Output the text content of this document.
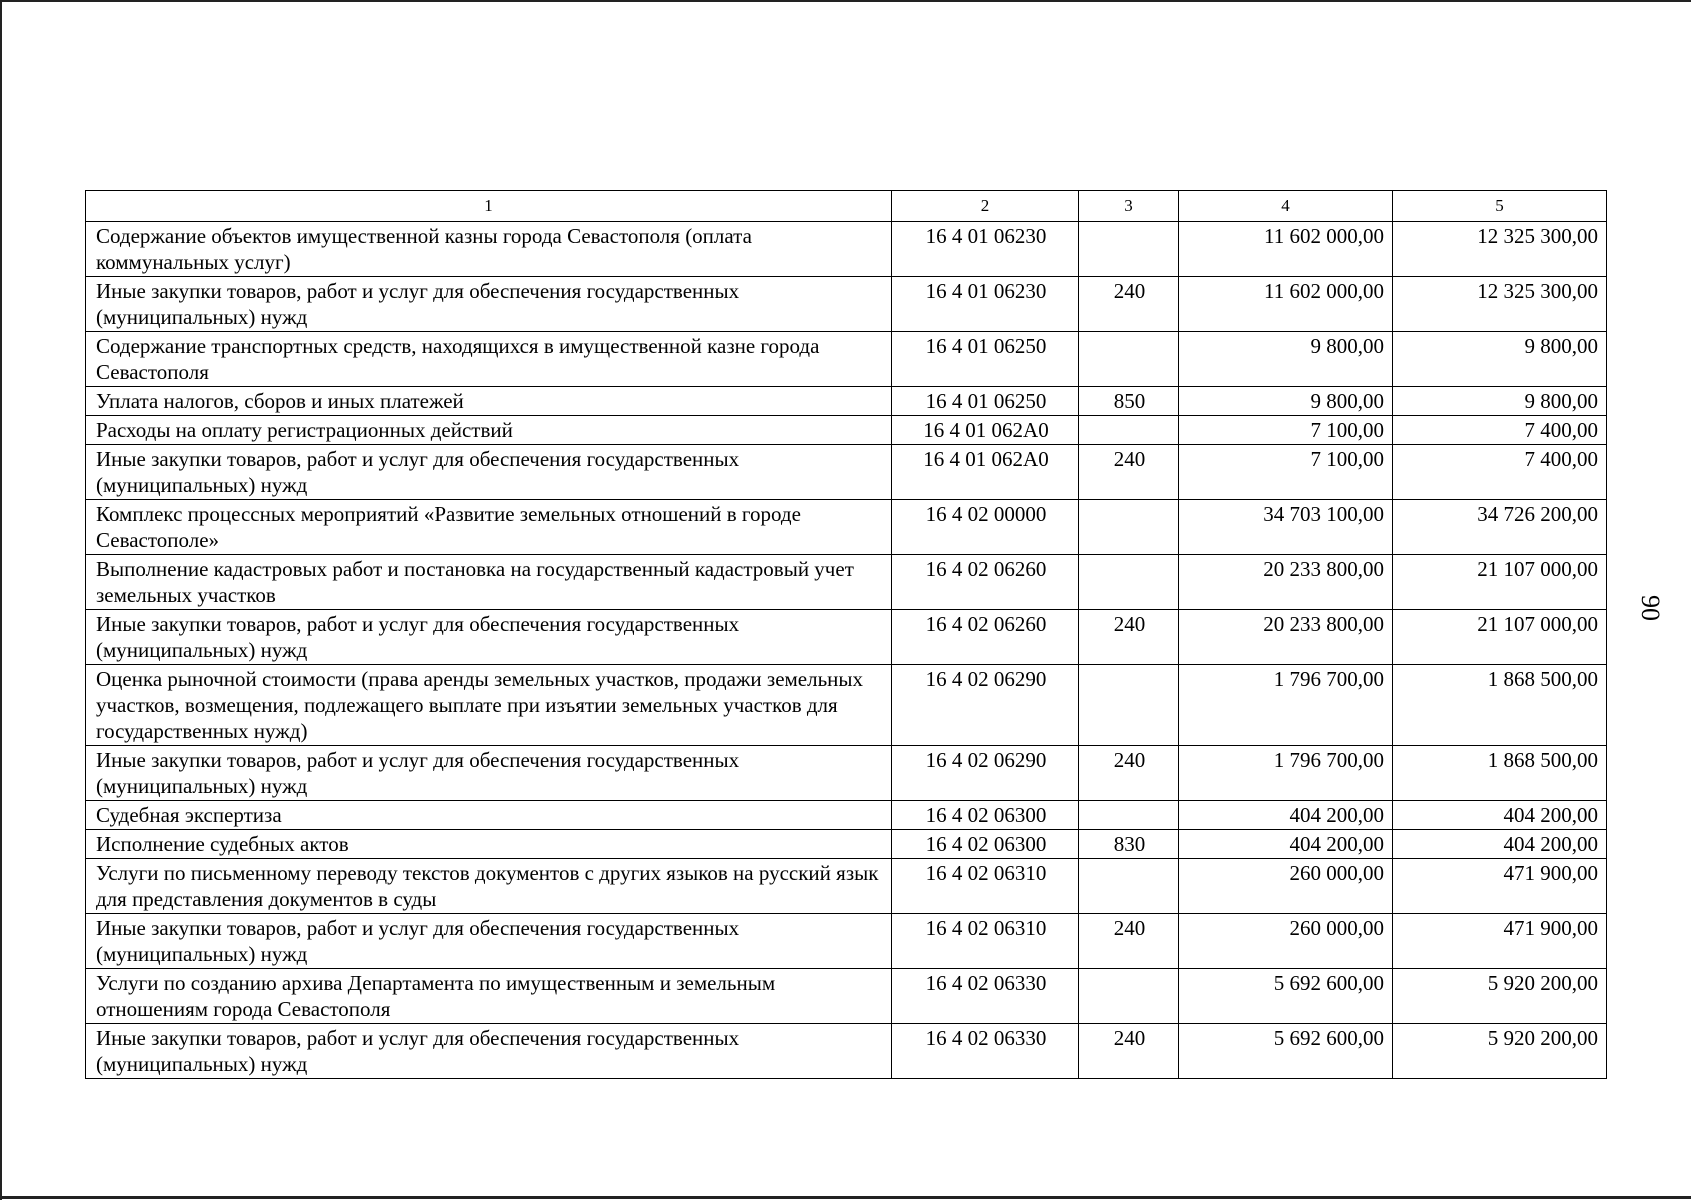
90
1	2	3	4	5
Содержание объектов имущественной казны города Севастополя (оплата коммунальных услуг)	16 4 01 06230		11 602 000,00	12 325 300,00
Иные закупки товаров, работ и услуг для обеспечения государственных (муниципальных) нужд	16 4 01 06230	240	11 602 000,00	12 325 300,00
Содержание транспортных средств, находящихся в имущественной казне города Севастополя	16 4 01 06250		9 800,00	9 800,00
Уплата налогов, сборов и иных платежей	16 4 01 06250	850	9 800,00	9 800,00
Расходы на оплату регистрационных действий	16 4 01 062А0		7 100,00	7 400,00
Иные закупки товаров, работ и услуг для обеспечения государственных (муниципальных) нужд	16 4 01 062А0	240	7 100,00	7 400,00
Комплекс процессных мероприятий «Развитие земельных отношений в городе Севастополе»	16 4 02 00000		34 703 100,00	34 726 200,00
Выполнение кадастровых работ и постановка на государственный кадастровый учет земельных участков	16 4 02 06260		20 233 800,00	21 107 000,00
Иные закупки товаров, работ и услуг для обеспечения государственных (муниципальных) нужд	16 4 02 06260	240	20 233 800,00	21 107 000,00
Оценка рыночной стоимости (права аренды земельных участков, продажи земельных участков, возмещения, подлежащего выплате при изъятии земельных участков для государственных нужд)	16 4 02 06290		1 796 700,00	1 868 500,00
Иные закупки товаров, работ и услуг для обеспечения государственных (муниципальных) нужд	16 4 02 06290	240	1 796 700,00	1 868 500,00
Судебная экспертиза	16 4 02 06300		404 200,00	404 200,00
Исполнение судебных актов	16 4 02 06300	830	404 200,00	404 200,00
Услуги по письменному переводу текстов документов с других языков на русский язык для представления документов в суды	16 4 02 06310		260 000,00	471 900,00
Иные закупки товаров, работ и услуг для обеспечения государственных (муниципальных) нужд	16 4 02 06310	240	260 000,00	471 900,00
Услуги по созданию архива Департамента по имущественным и земельным отношениям города Севастополя	16 4 02 06330		5 692 600,00	5 920 200,00
Иные закупки товаров, работ и услуг для обеспечения государственных (муниципальных) нужд	16 4 02 06330	240	5 692 600,00	5 920 200,00
